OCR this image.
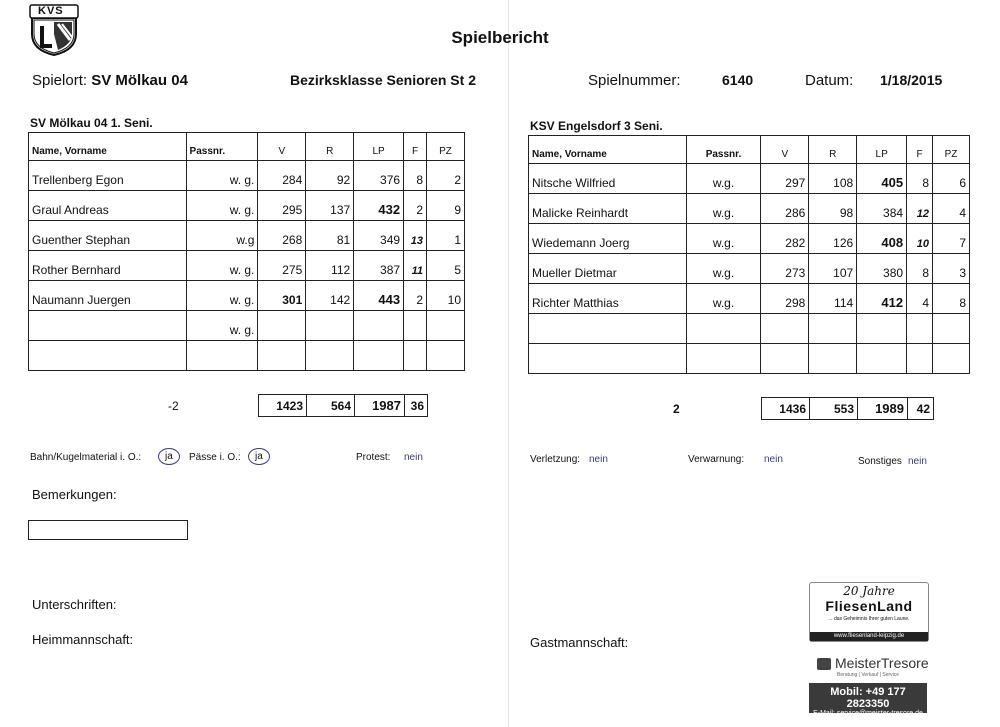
KVS
Spielbericht
Spielort: SV Mölkau 04	Bezirksklasse Senioren St 2	Spielnummer:	6140	Datum: 1/18/2015
SV Mölkau 04 1. Seni.
Name, Vorname	Passnr.	V	R	LP	F	PZ
Trellenberg Egon	w. g.	284	92	376	8	2
Graul Andreas	w. g.	295	137	432	2	9
Guenther Stephan	w.g	268	81	349	13	1
Rother Bernhard	w. g.	275	112	387	11	5
Naumann Juergen	w. g.	301	142	443	2	10
	w. g.					

-2	1423	564	1987	36
KSV Engelsdorf 3 Seni.
Name, Vorname	Passnr.	V	R	LP	F	PZ
Nitsche Wilfried	w.g.	297	108	405	8	6
Malicke Reinhardt	w.g.	286	98	384	12	4
Wiedemann Joerg	w.g.	282	126	408	10	7
Mueller Dietmar	w.g.	273	107	380	8	3
Richter Matthias	w.g.	298	114	412	4	8

2	1436	553	1989	42
Bahn/Kugelmaterial i. O.:	ja	Pässe i. O.:	ja	Protest: nein	Verletzung: nein	Verwarnung: nein	Sonstiges nein
Bemerkungen:
Unterschriften:
Heimmannschaft:	Gastmannschaft:
20 Jahre
FliesenLand
... das Geheimnis Ihrer guten Laune.
www.fliesenland-leipzig.de
MeisterTresore
Beratung | Verkauf | Service
Mobil: +49 177 2823350
E-Mail: service@meister-tresore.de
